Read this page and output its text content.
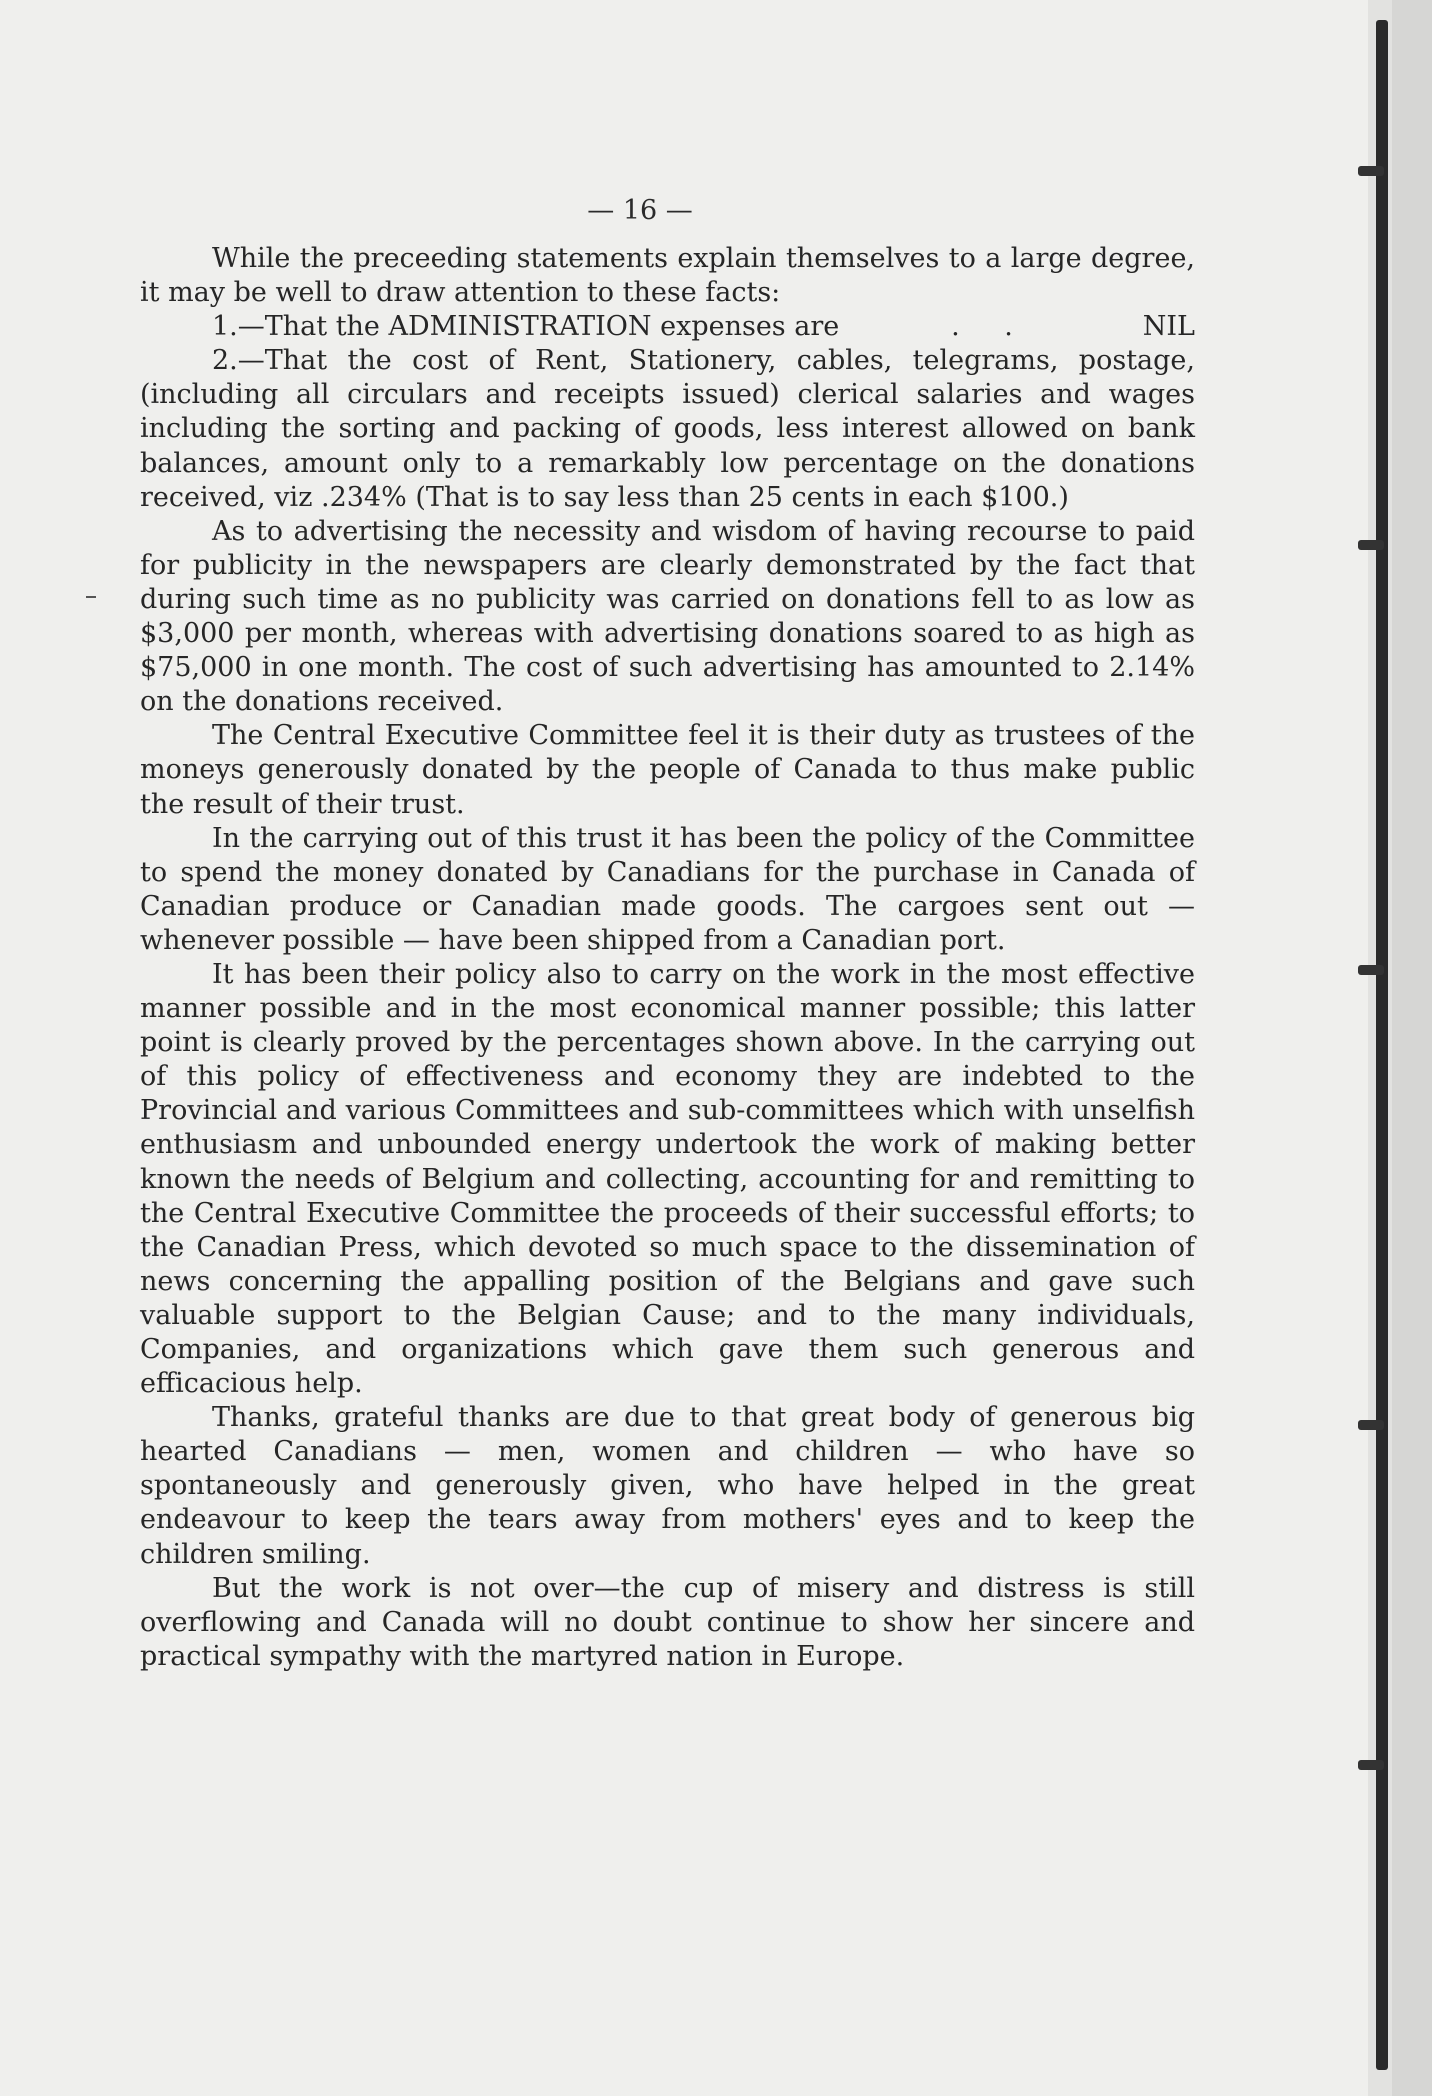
— 16 —

While the preceeding statements explain themselves to a large degree, it may be well to draw attention to these facts:

1.—That the ADMINISTRATION expenses are	. .	NIL

2.—That the cost of Rent, Stationery, cables, telegrams, postage, (including all circulars and receipts issued) clerical salaries and wages including the sorting and packing of goods, less interest allowed on bank balances, amount only to a remarkably low percentage on the donations received, viz .234% (That is to say less than 25 cents in each $100.)

As to advertising the necessity and wisdom of having recourse to paid for publicity in the newspapers are clearly demonstrated by the fact that during such time as no publicity was carried on donations fell to as low as $3,000 per month, whereas with advertising donations soared to as high as $75,000 in one month. The cost of such advertising has amounted to 2.14% on the donations received.

The Central Executive Committee feel it is their duty as trustees of the moneys generously donated by the people of Canada to thus make public the result of their trust.

In the carrying out of this trust it has been the policy of the Committee to spend the money donated by Canadians for the purchase in Canada of Canadian produce or Canadian made goods. The cargoes sent out — whenever possible — have been shipped from a Canadian port.

It has been their policy also to carry on the work in the most effective manner possible and in the most economical manner possible; this latter point is clearly proved by the percentages shown above. In the carrying out of this policy of effectiveness and economy they are indebted to the Provincial and various Committees and sub-committees which with unselfish enthusiasm and unbounded energy undertook the work of making better known the needs of Belgium and collecting, accounting for and remitting to the Central Executive Committee the proceeds of their successful efforts; to the Canadian Press, which devoted so much space to the dissemination of news concerning the appalling position of the Belgians and gave such valuable support to the Belgian Cause; and to the many individuals, Companies, and organizations which gave them such generous and efficacious help.

Thanks, grateful thanks are due to that great body of generous big hearted Canadians — men, women and children — who have so spontaneously and generously given, who have helped in the great endeavour to keep the tears away from mothers' eyes and to keep the children smiling.

But the work is not over—the cup of misery and distress is still overflowing and Canada will no doubt continue to show her sincere and practical sympathy with the martyred nation in Europe.
